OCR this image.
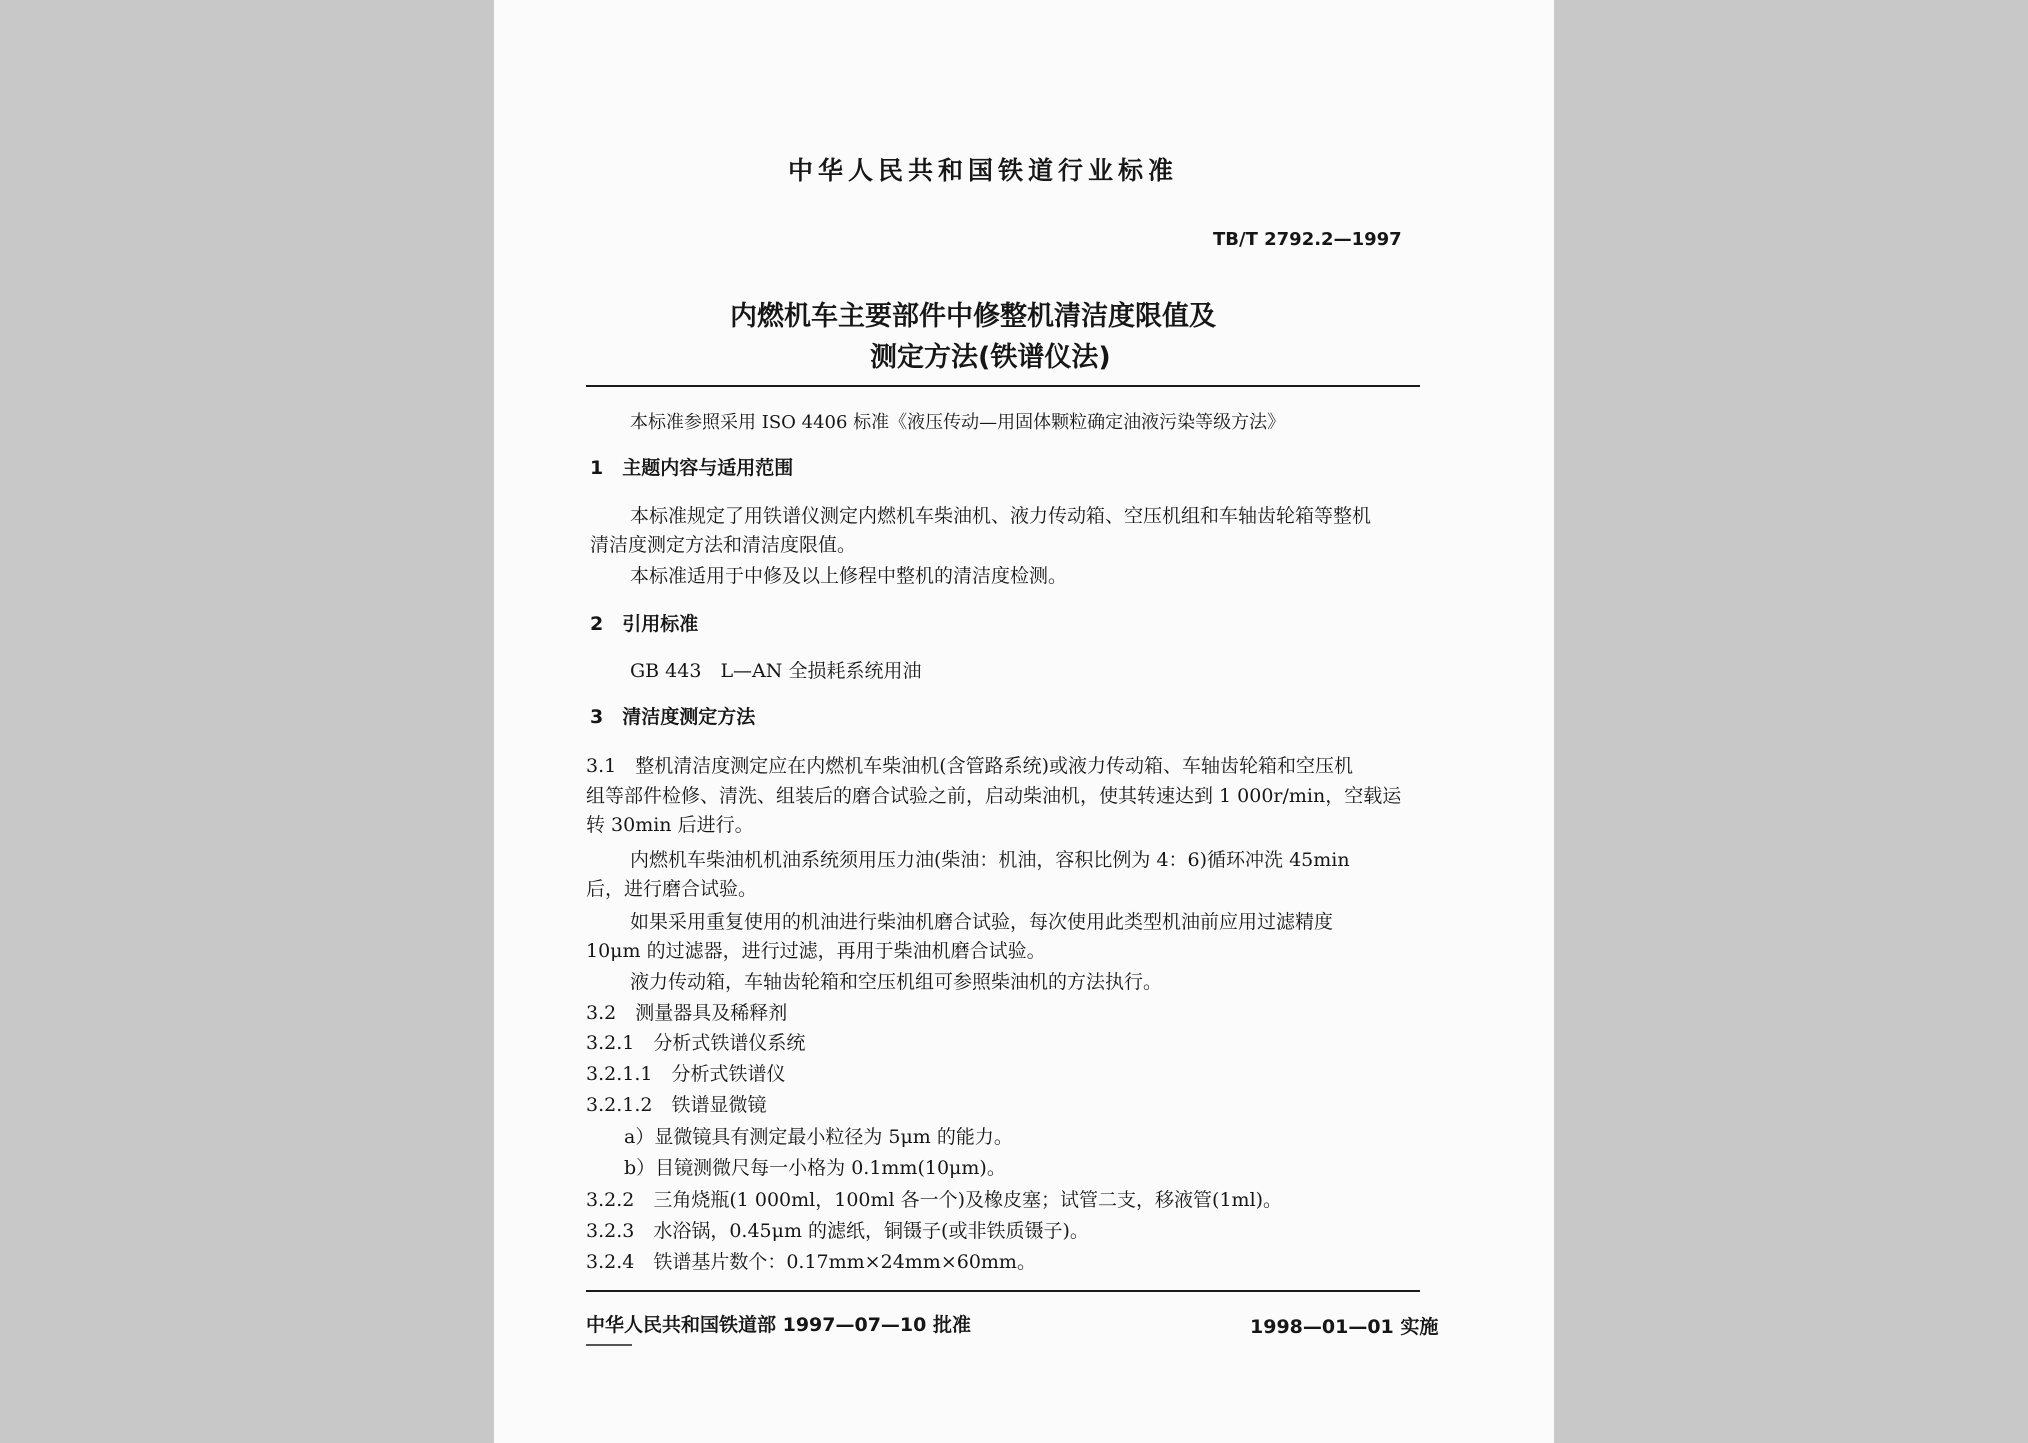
中华人民共和国铁道行业标准
TB/T 2792.2—1997
内燃机车主要部件中修整机清洁度限值及
测定方法(铁谱仪法)
本标准参照采用 ISO 4406 标准《液压传动—用固体颗粒确定油液污染等级方法》
1　主题内容与适用范围
本标准规定了用铁谱仪测定内燃机车柴油机、液力传动箱、空压机组和车轴齿轮箱等整机
清洁度测定方法和清洁度限值。
本标准适用于中修及以上修程中整机的清洁度检测。
2　引用标准
GB 443　L—AN 全损耗系统用油
3　清洁度测定方法
3.1　整机清洁度测定应在内燃机车柴油机(含管路系统)或液力传动箱、车轴齿轮箱和空压机
组等部件检修、清洗、组装后的磨合试验之前，启动柴油机，使其转速达到 1 000r/min，空载运
转 30min 后进行。
内燃机车柴油机机油系统须用压力油(柴油：机油，容积比例为 4：6)循环冲洗 45min
后，进行磨合试验。
如果采用重复使用的机油进行柴油机磨合试验，每次使用此类型机油前应用过滤精度
10μm 的过滤器，进行过滤，再用于柴油机磨合试验。
液力传动箱，车轴齿轮箱和空压机组可参照柴油机的方法执行。
3.2　测量器具及稀释剂
3.2.1　分析式铁谱仪系统
3.2.1.1　分析式铁谱仪
3.2.1.2　铁谱显微镜
a）显微镜具有测定最小粒径为 5μm 的能力。
b）目镜测微尺每一小格为 0.1mm(10μm)。
3.2.2　三角烧瓶(1 000ml，100ml 各一个)及橡皮塞；试管二支，移液管(1ml)。
3.2.3　水浴锅，0.45μm 的滤纸，铜镊子(或非铁质镊子)。
3.2.4　铁谱基片数个：0.17mm×24mm×60mm。
中华人民共和国铁道部 1997—07—10 批准	1998—01—01 实施
